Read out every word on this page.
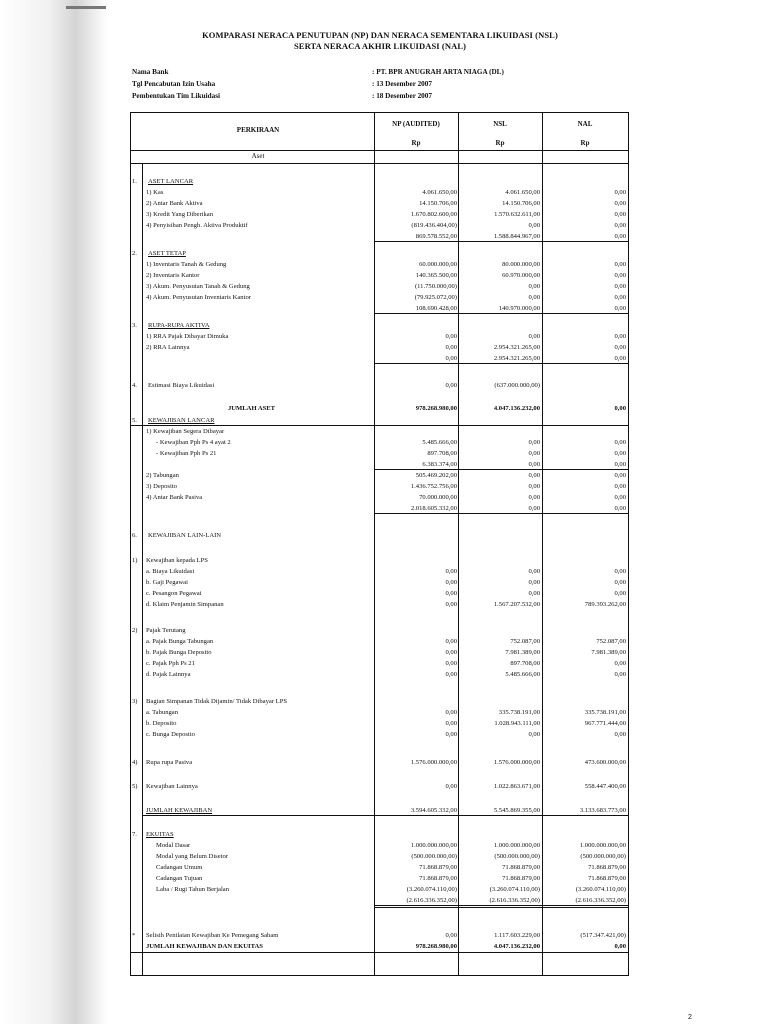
KOMPARASI NERACA PENUTUPAN (NP) DAN NERACA SEMENTARA LIKUIDASI (NSL)
SERTA NERACA AKHIR LIKUIDASI (NAL)
Nama Bank	: PT. BPR ANUGRAH ARTA NIAGA (DL)
Tgl Pencabutan Izin Usaha	: 13 Desember 2007
Pembentukan Tim Likuidasi	: 18 Desember 2007
PERKIRAAN
NP (AUDITED)	NSL	NAL
Rp	Rp	Rp
Aset
1.	ASET LANCAR
1) Kas	4.061.650,00	4.061.650,00	0,00
2) Antar Bank Aktiva	14.150.706,00	14.150.706,00	0,00
3) Kredit Yang Diberikan	1.670.802.600,00	1.570.632.611,00	0,00
4) Penyisihan Pengh. Aktiva Produktif	(819.436.404,00)	0,00	0,00
869.578.552,00	1.588.844.967,00	0,00
2.	ASET TETAP
1) Inventaris Tanah & Gedung	60.000.000,00	80.000.000,00	0,00
2) Inventaris Kantor	140.365.500,00	60.970.000,00	0,00
3) Akum. Penyusutan Tanah & Gedung	(11.750.000,00)	0,00	0,00
4) Akum. Penyusutan Inventaris Kantor	(79.925.072,00)	0,00	0,00
108.690.428,00	140.970.000,00	0,00
3.	RUPA-RUPA AKTIVA
1) RRA Pajak Dibayar Dimuka	0,00	0,00	0,00
2) RRA Lainnya	0,00	2.954.321.265,00	0,00
0,00	2.954.321.265,00	0,00
4.	Estimasi Biaya Likuidasi	0,00	(637.000.000,00)
JUMLAH ASET	978.268.980,00	4.047.136.232,00	0,00
5.	KEWAJIBAN LANCAR
1) Kewajiban Segera Dibayar
- Kewajiban Pph Ps 4 ayat 2	5.485.666,00	0,00	0,00
- Kewajiban Pph Ps 21	897.708,00	0,00	0,00
6.383.374,00	0,00	0,00
2) Tabungan	505.469.202,00	0,00	0,00
3) Deposito	1.436.752.756,00	0,00	0,00
4) Antar Bank Pasiva	70.000.000,00	0,00	0,00
2.018.605.332,00	0,00	0,00
6.	KEWAJIBAN LAIN-LAIN
1)	Kewajiban kepada LPS
a. Biaya Likuidasi	0,00	0,00	0,00
b. Gaji Pegawai	0,00	0,00	0,00
c. Pesangon Pegawai	0,00	0,00	0,00
d. Klaim Penjamin Simpanan	0,00	1.567.207.532,00	789.393.262,00
2)	Pajak Terutang
a. Pajak Bunga Tabungan	0,00	752.087,00	752.087,00
b. Pajak Bunga Deposito	0,00	7.981.389,00	7.981.389,00
c. Pajak Pph Ps 21	0,00	897.708,00	0,00
d. Pajak Lainnya	0,00	5.485.666,00	0,00
3)	Bagian Simpanan Tidak Dijamin/ Tidak Dibayar LPS
a. Tabungan	0,00	335.738.191,00	335.738.191,00
b. Deposito	0,00	1.028.943.111,00	967.771.444,00
c. Bunga Deposito	0,00	0,00	0,00
4)	Rupa rupa Pasiva	1.576.000.000,00	1.576.000.000,00	473.600.000,00
5)	Kewajiban Lainnya	0,00	1.022.863.671,00	558.447.400,00
JUMLAH KEWAJIBAN	3.594.605.332,00	5.545.869.355,00	3.133.683.773,00
7.	EKUITAS
Modal Dasar	1.000.000.000,00	1.000.000.000,00	1.000.000.000,00
Modal yang Belum Disetor	(500.000.000,00)	(500.000.000,00)	(500.000.000,00)
Cadangan Umum	71.868.879,00	71.868.879,00	71.868.879,00
Cadangan Tujuan	71.868.879,00	71.868.879,00	71.868.879,00
Laba / Rugi Tahun Berjalan	(3.260.074.110,00)	(3.260.074.110,00)	(3.260.074.110,00)
(2.616.336.352,00)	(2.616.336.352,00)	(2.616.336.352,00)
*	Selisih Penilaian Kewajiban Ke Pemegang Saham	0,00	1.117.603.229,00	(517.347.421,00)
JUMLAH KEWAJIBAN DAN EKUITAS	978.268.980,00	4.047.136.232,00	0,00
2
